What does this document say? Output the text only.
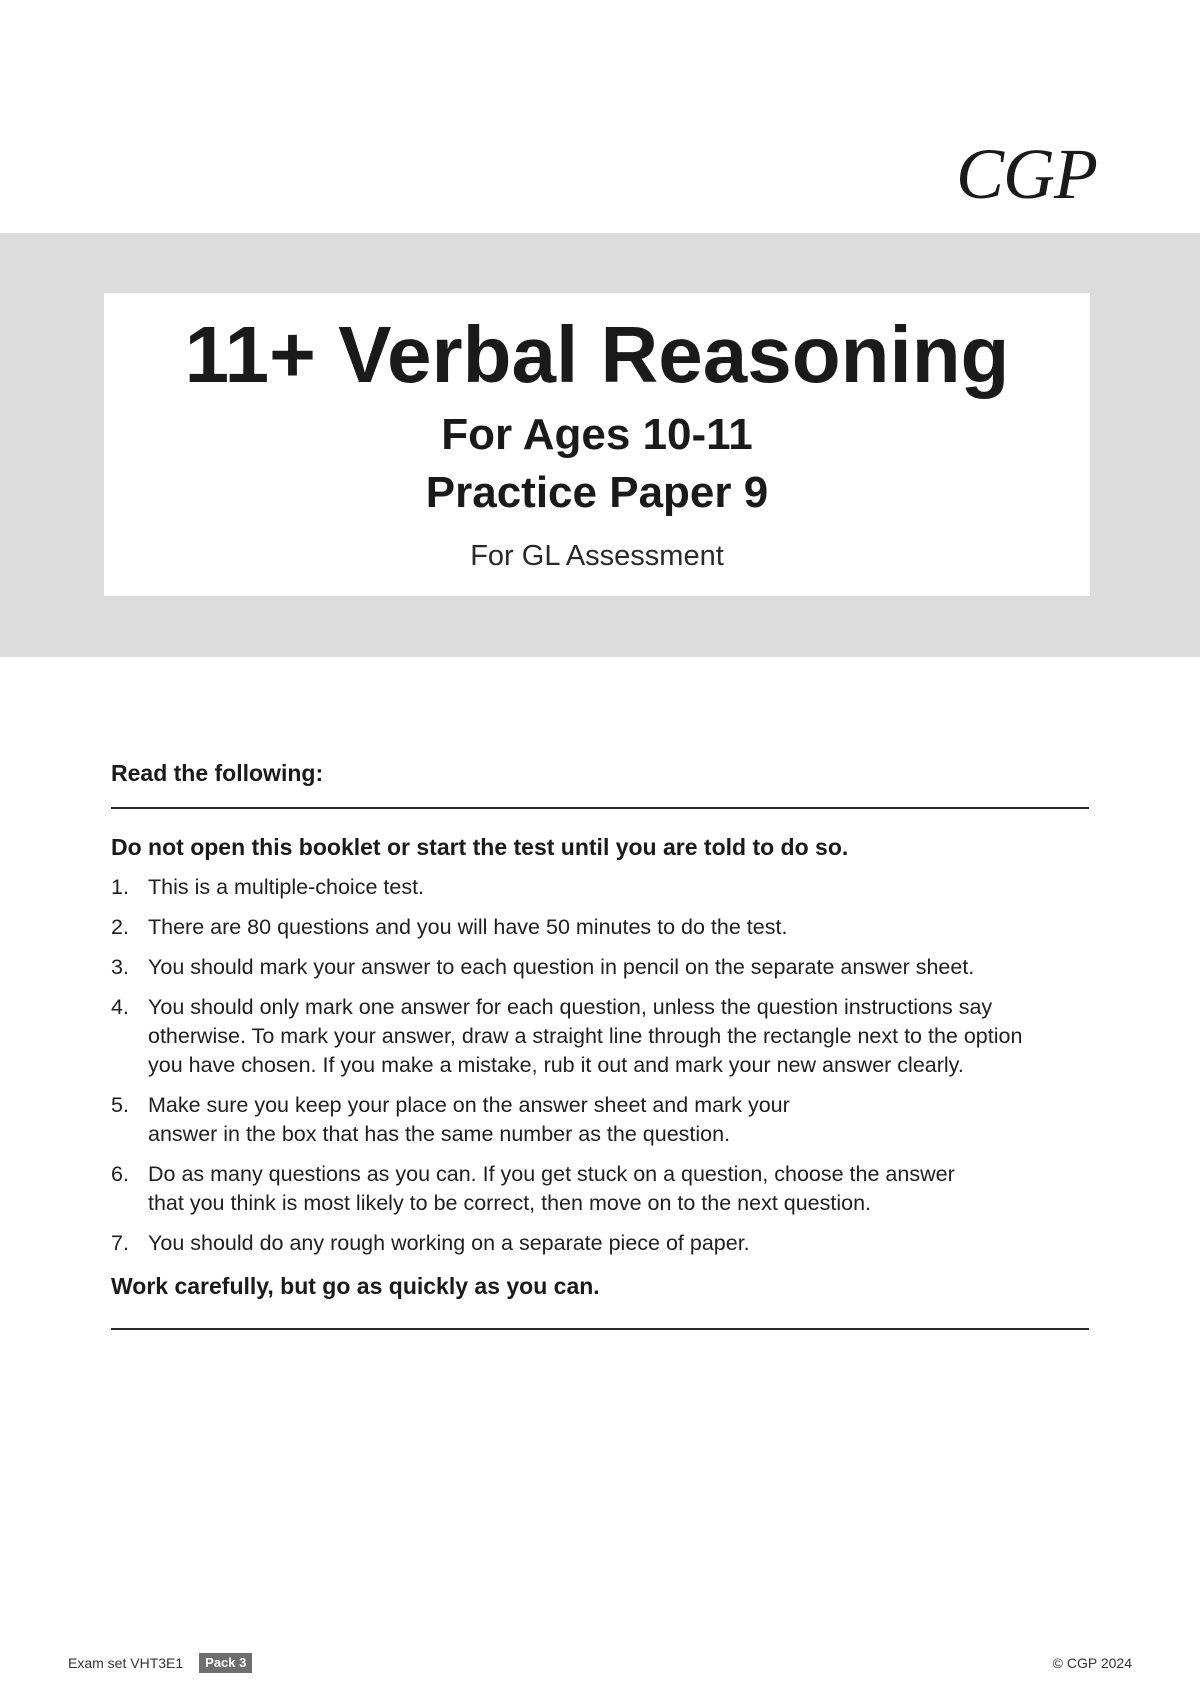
CGP
11+ Verbal Reasoning
For Ages 10-11
Practice Paper 9
For GL Assessment

Read the following:

Do not open this booklet or start the test until you are told to do so.

1. This is a multiple-choice test.
2. There are 80 questions and you will have 50 minutes to do the test.
3. You should mark your answer to each question in pencil on the separate answer sheet.
4. You should only mark one answer for each question, unless the question instructions say
otherwise. To mark your answer, draw a straight line through the rectangle next to the option
you have chosen. If you make a mistake, rub it out and mark your new answer clearly.
5. Make sure you keep your place on the answer sheet and mark your
answer in the box that has the same number as the question.
6. Do as many questions as you can. If you get stuck on a question, choose the answer
that you think is most likely to be correct, then move on to the next question.
7. You should do any rough working on a separate piece of paper.

Work carefully, but go as quickly as you can.

Exam set VHT3E1	Pack 3	© CGP 2024
